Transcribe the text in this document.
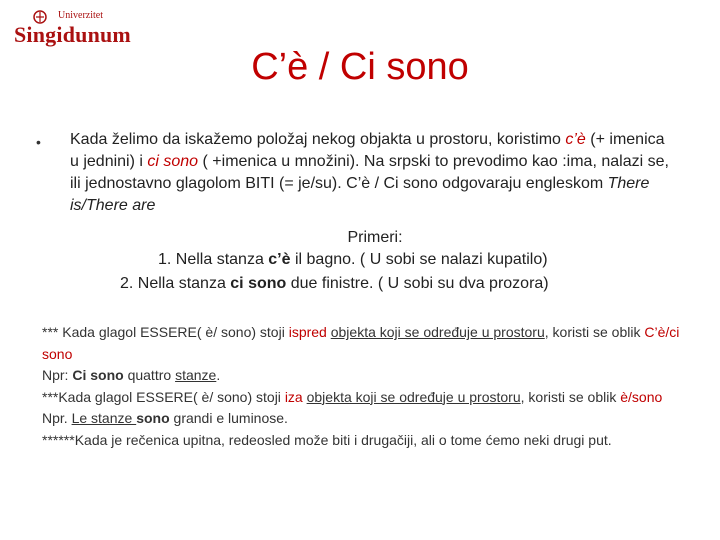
Univerzitet
Singidunum
C’è / Ci sono
• Kada želimo da iskažemo položaj nekog objakta u prostoru, koristimo c’è (+ imenica u jednini) i ci sono ( +imenica u množini). Na srpski to prevodimo kao :ima, nalazi se, ili jednostavno glagolom BITI (= je/su). C’è / Ci sono odgovaraju engleskom There is/There are
Primeri:
1. Nella stanza c’è il bagno. ( U sobi se nalazi kupatilo)
2. Nella stanza ci sono due finistre. ( U sobi su dva prozora)

*** Kada glagol ESSERE( è/ sono) stoji ispred objekta koji se određuje u prostoru, koristi se oblik C’è/ci sono

Npr: Ci sono quattro stanze.

***Kada glagol ESSERE( è/ sono) stoji iza objekta koji se određuje u prostoru, koristi se oblik è/sono

Npr. Le stanze sono grandi e luminose.

******Kada je rečenica upitna, redeosled može biti i drugačiji, ali o tome ćemo neki drugi put.
